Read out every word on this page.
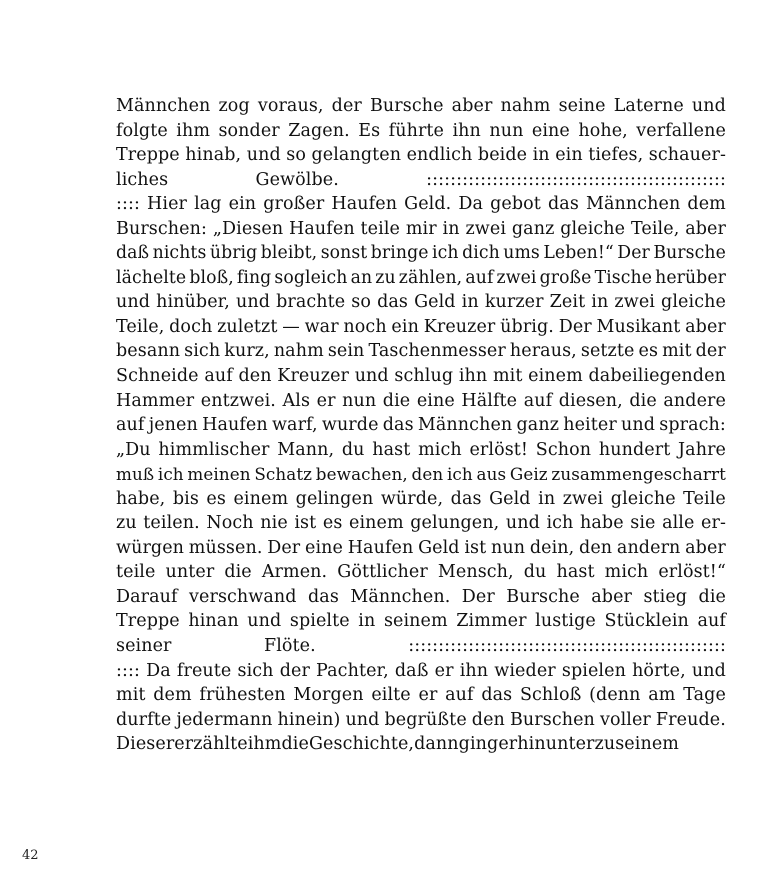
Männchen zog voraus, der Bursche aber nahm seine Laterne und
folgte ihm sonder Zagen. Es führte ihn nun eine hohe, verfallene
Treppe hinab, und so gelangten endlich beide in ein tiefes, schauer-
liches	Gewölbe.	::::::::::::::::::::::::::::::::::::::::::::::::::
:::: Hier lag ein großer Haufen Geld. Da gebot das Männchen dem
Burschen: „Diesen Haufen teile mir in zwei ganz gleiche Teile, aber
daß nichts übrig bleibt, sonst bringe ich dich ums Leben!“ Der Bursche
lächelte bloß, fing sogleich an zu zählen, auf zwei große Tische herüber
und hinüber, und brachte so das Geld in kurzer Zeit in zwei gleiche
Teile, doch zuletzt — war noch ein Kreuzer übrig. Der Musikant aber
besann sich kurz, nahm sein Taschenmesser heraus, setzte es mit der
Schneide auf den Kreuzer und schlug ihn mit einem dabeiliegenden
Hammer entzwei. Als er nun die eine Hälfte auf diesen, die andere
auf jenen Haufen warf, wurde das Männchen ganz heiter und sprach:
„Du himmlischer Mann, du hast mich erlöst! Schon hundert Jahre
muß ich meinen Schatz bewachen, den ich aus Geiz zusammengescharrt
habe, bis es einem gelingen würde, das Geld in zwei gleiche Teile
zu teilen. Noch nie ist es einem gelungen, und ich habe sie alle er-
würgen müssen. Der eine Haufen Geld ist nun dein, den andern aber
teile unter die Armen. Göttlicher Mensch, du hast mich erlöst!“
Darauf verschwand das Männchen. Der Bursche aber stieg die
Treppe hinan und spielte in seinem Zimmer lustige Stücklein auf
seiner	Flöte.	:::::::::::::::::::::::::::::::::::::::::::::::::::::
:::: Da freute sich der Pachter, daß er ihn wieder spielen hörte, und
mit dem frühesten Morgen eilte er auf das Schloß (denn am Tage
durfte jedermann hinein) und begrüßte den Burschen voller Freude.
Dieser erzählte ihm die Geschichte, dann ging er hinunter zu seinem
42
